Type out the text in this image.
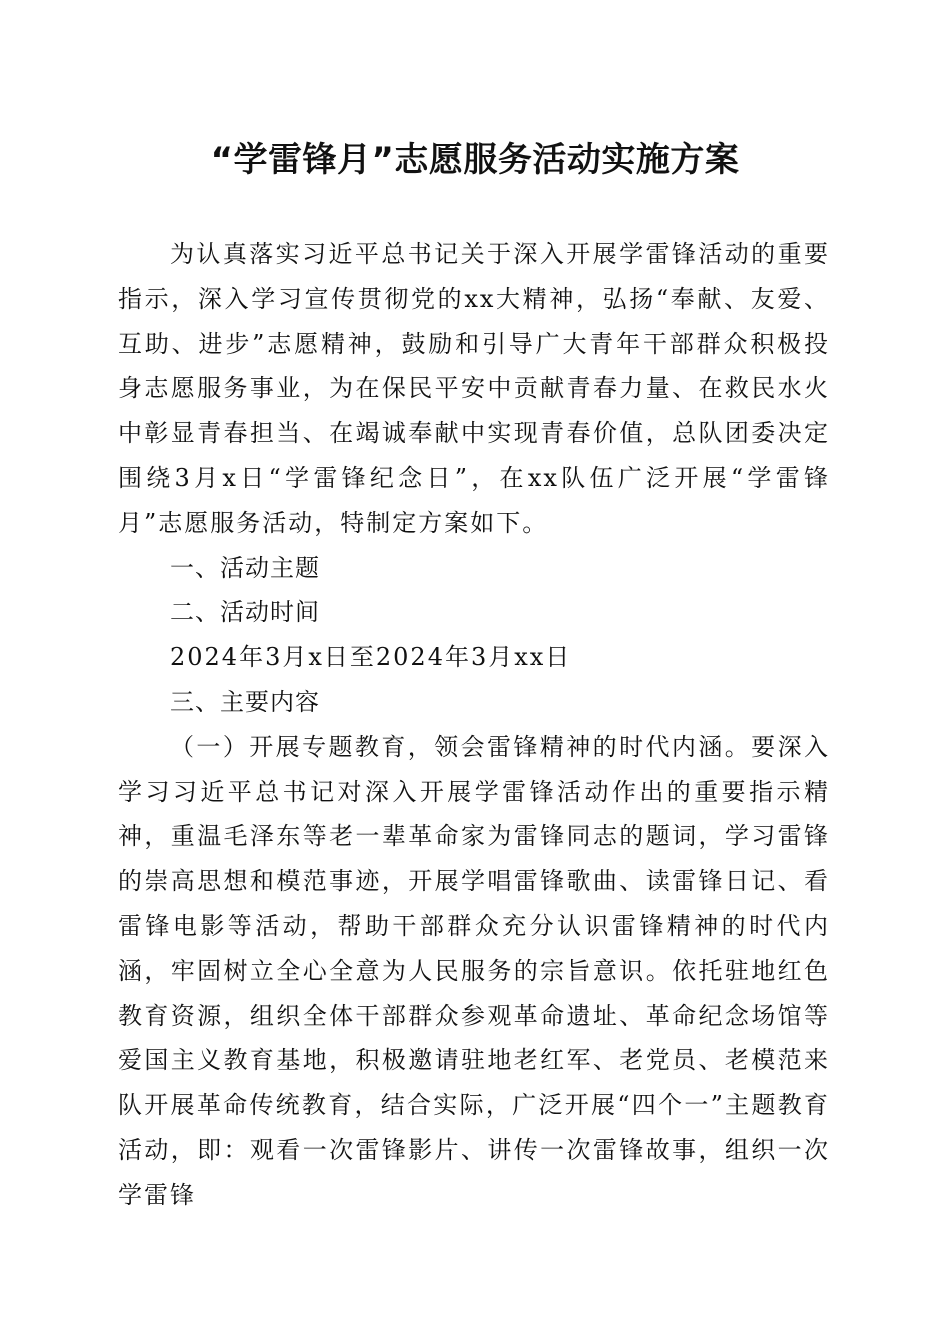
“学雷锋月”志愿服务活动实施方案

为认真落实习近平总书记关于深入开展学雷锋活动的重要指示，深入学习宣传贯彻党的xx大精神，弘扬“奉献、友爱、互助、进步”志愿精神，鼓励和引导广大青年干部群众积极投身志愿服务事业，为在保民平安中贡献青春力量、在救民水火中彰显青春担当、在竭诚奉献中实现青春价值，总队团委决定围绕3月x日“学雷锋纪念日”，在xx队伍广泛开展“学雷锋月”志愿服务活动，特制定方案如下。

一、活动主题

二、活动时间

2024年3月x日至2024年3月xx日

三、主要内容

（一）开展专题教育，领会雷锋精神的时代内涵。要深入学习习近平总书记对深入开展学雷锋活动作出的重要指示精神，重温毛泽东等老一辈革命家为雷锋同志的题词，学习雷锋的崇高思想和模范事迹，开展学唱雷锋歌曲、读雷锋日记、看雷锋电影等活动，帮助干部群众充分认识雷锋精神的时代内涵，牢固树立全心全意为人民服务的宗旨意识。依托驻地红色教育资源，组织全体干部群众参观革命遗址、革命纪念场馆等爱国主义教育基地，积极邀请驻地老红军、老党员、老模范来队开展革命传统教育，结合实际，广泛开展“四个一”主题教育活动，即：观看一次雷锋影片、讲传一次雷锋故事，组织一次学雷锋
